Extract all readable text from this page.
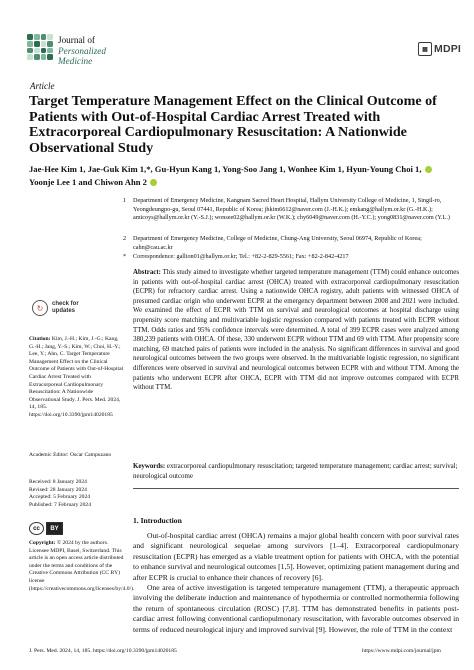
Journal of
Personalized
Medicine
▦ MDPI
Article
Target Temperature Management Effect on the Clinical Outcome of Patients with Out-of-Hospital Cardiac Arrest Treated with Extracorporeal Cardiopulmonary Resuscitation: A Nationwide Observational Study
Jae-Hee Kim 1, Jae-Guk Kim 1,*, Gu-Hyun Kang 1, Yong-Soo Jang 1, Wonhee Kim 1, Hyun-Young Choi 1,
Yoonje Lee 1 and Chiwon Ahn 2
1 Department of Emergency Medicine, Kangnam Sacred Heart Hospital, Hallym University College of Medicine, 1, Singil-ro, Yeongdeungpo-gu, Seoul 07441, Republic of Korea; jhkim6612@naver.com (J.-H.K.); emkang@hallym.or.kr (G.-H.K.); amicoys@hallym.or.kr (Y.-S.J.); wonsee02@hallym.or.kr (W.K.); chy6049@naver.com (H.-Y.C.); yong0831@naver.com (Y.L.)
2 Department of Emergency Medicine, College of Medicine, Chung-Ang University, Seoul 06974, Republic of Korea; cahn@cau.ac.kr
* Correspondence: gallion01@hallym.or.kr; Tel.: +82-2-829-5561; Fax: +82-2-842-4217
↻	check for
updates
Citation: Kim, J.-H.; Kim, J.-G.; Kang, G.-H.; Jang, Y.-S.; Kim, W.; Choi, H.-Y.; Lee, Y.; Ahn, C. Target Temperature Management Effect on the Clinical Outcome of Patients with Out-of-Hospital Cardiac Arrest Treated with Extracorporeal Cardiopulmonary Resuscitation: A Nationwide Observational Study. J. Pers. Med. 2024, 14, 185. https://doi.org/10.3390/jpm14020185
Academic Editor: Oscar Campuzano
Received: 8 January 2024
Revised: 28 January 2024
Accepted: 5 February 2024
Published: 7 February 2024
cc	BY
Copyright: © 2024 by the authors. Licensee MDPI, Basel, Switzerland. This article is an open access article distributed under the terms and conditions of the Creative Commons Attribution (CC BY) license (https://creativecommons.org/licenses/by/4.0/).
Abstract: This study aimed to investigate whether targeted temperature management (TTM) could enhance outcomes in patients with out-of-hospital cardiac arrest (OHCA) treated with extracorporeal cardiopulmonary resuscitation (ECPR) for refractory cardiac arrest. Using a nationwide OHCA registry, adult patients with witnessed OHCA of presumed cardiac origin who underwent ECPR at the emergency department between 2008 and 2021 were included. We examined the effect of ECPR with TTM on survival and neurological outcomes at hospital discharge using propensity score matching and multivariable logistic regression compared with patients treated with ECPR without TTM. Odds ratios and 95% confidence intervals were determined. A total of 399 ECPR cases were analyzed among 380,239 patients with OHCA. Of these, 330 underwent ECPR without TTM and 69 with TTM. After propensity score matching, 69 matched pairs of patients were included in the analysis. No significant differences in survival and good neurological outcomes between the two groups were observed. In the multivariable logistic regression, no significant differences were observed in survival and neurological outcomes between ECPR with and without TTM. Among the patients who underwent ECPR after OHCA, ECPR with TTM did not improve outcomes compared with ECPR without TTM.
Keywords: extracorporeal cardiopulmonary resuscitation; targeted temperature management; cardiac arrest; survival; neurological outcome
1. Introduction
Out-of-hospital cardiac arrest (OHCA) remains a major global health concern with poor survival rates and significant neurological sequelae among survivors [1–4]. Extracorporeal cardiopulmonary resuscitation (ECPR) has emerged as a viable treatment option for patients with OHCA, with the potential to enhance survival and neurological outcomes [1,5]. However, optimizing patient management during and after ECPR is crucial to enhance their chances of recovery [6].
One area of active investigation is targeted temperature management (TTM), a therapeutic approach involving the deliberate induction and maintenance of hypothermia or controlled normothermia following the return of spontaneous circulation (ROSC) [7,8]. TTM has demonstrated benefits in patients post-cardiac arrest following conventional cardiopulmonary resuscitation, with favorable outcomes observed in terms of reduced neurological injury and improved survival [9]. However, the role of TTM in the context
J. Pers. Med. 2024, 14, 185. https://doi.org/10.3390/jpm14020185	https://www.mdpi.com/journal/jpm
